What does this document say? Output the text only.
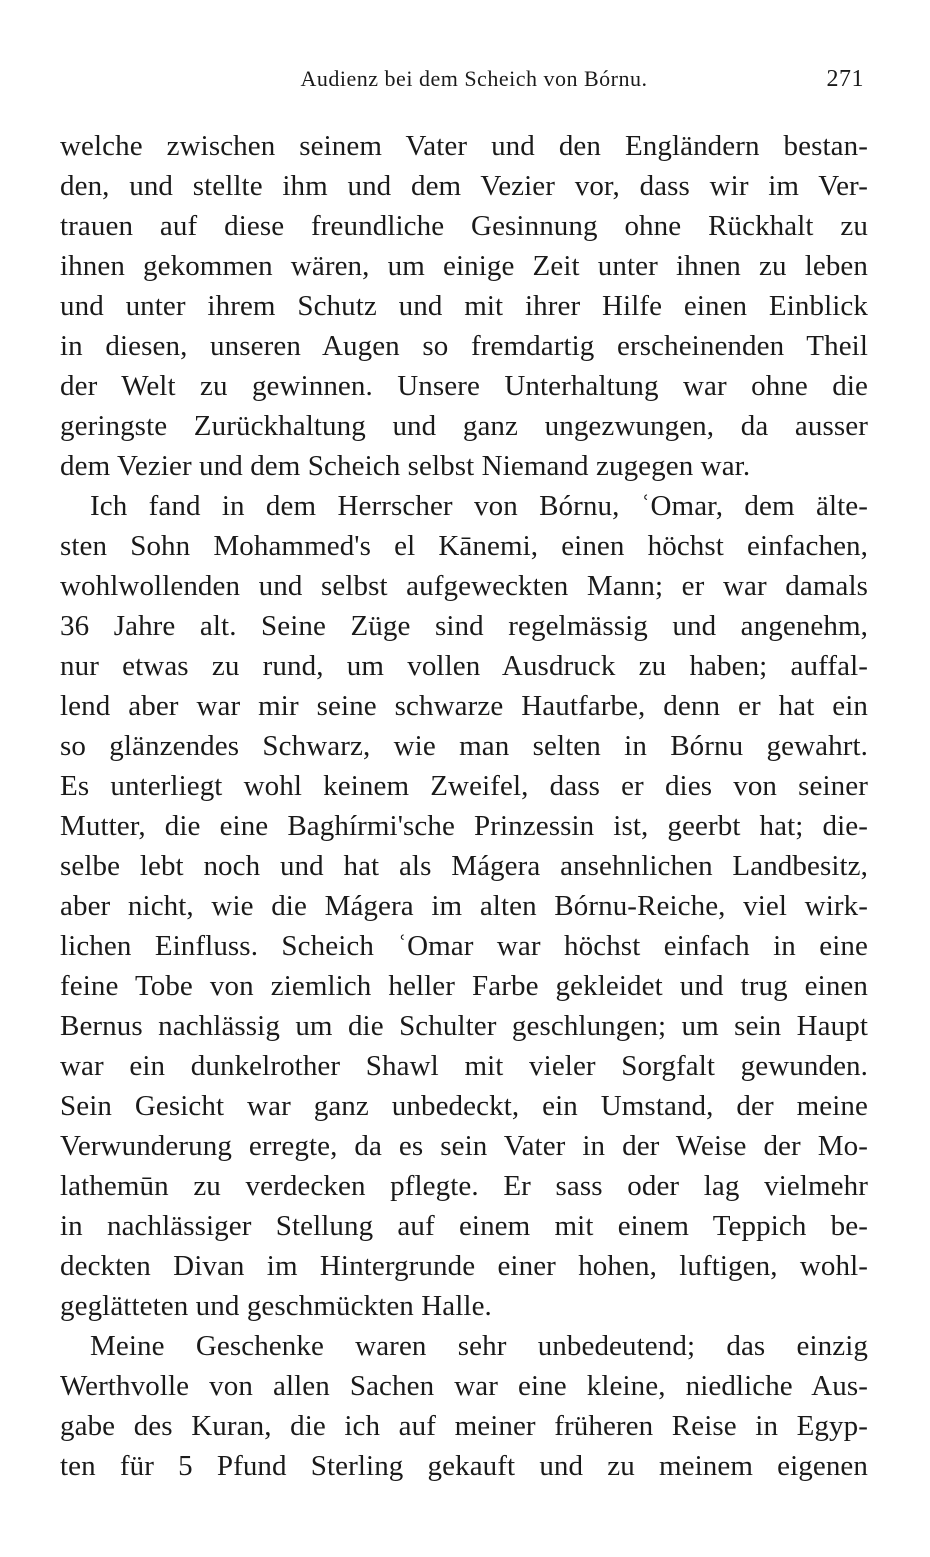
Audienz bei dem Scheich von Bórnu.	271
welche zwischen seinem Vater und den Engländern bestan-
den, und stellte ihm und dem Vezier vor, dass wir im Ver-
trauen auf diese freundliche Gesinnung ohne Rückhalt zu
ihnen gekommen wären, um einige Zeit unter ihnen zu leben
und unter ihrem Schutz und mit ihrer Hilfe einen Einblick
in diesen, unseren Augen so fremdartig erscheinenden Theil
der Welt zu gewinnen. Unsere Unterhaltung war ohne die
geringste Zurückhaltung und ganz ungezwungen, da ausser
dem Vezier und dem Scheich selbst Niemand zugegen war.
Ich fand in dem Herrscher von Bórnu, ʿOmar, dem älte-
sten Sohn Mohammed's el Kānemi, einen höchst einfachen,
wohlwollenden und selbst aufgeweckten Mann; er war damals
36 Jahre alt. Seine Züge sind regelmässig und angenehm,
nur etwas zu rund, um vollen Ausdruck zu haben; auffal-
lend aber war mir seine schwarze Hautfarbe, denn er hat ein
so glänzendes Schwarz, wie man selten in Bórnu gewahrt.
Es unterliegt wohl keinem Zweifel, dass er dies von seiner
Mutter, die eine Baghírmi'sche Prinzessin ist, geerbt hat; die-
selbe lebt noch und hat als Mágera ansehnlichen Landbesitz,
aber nicht, wie die Mágera im alten Bórnu-Reiche, viel wirk-
lichen Einfluss. Scheich ʿOmar war höchst einfach in eine
feine Tobe von ziemlich heller Farbe gekleidet und trug einen
Bernus nachlässig um die Schulter geschlungen; um sein Haupt
war ein dunkelrother Shawl mit vieler Sorgfalt gewunden.
Sein Gesicht war ganz unbedeckt, ein Umstand, der meine
Verwunderung erregte, da es sein Vater in der Weise der Mo-
lathemūn zu verdecken pflegte. Er sass oder lag vielmehr
in nachlässiger Stellung auf einem mit einem Teppich be-
deckten Divan im Hintergrunde einer hohen, luftigen, wohl-
geglätteten und geschmückten Halle.
Meine Geschenke waren sehr unbedeutend; das einzig
Werthvolle von allen Sachen war eine kleine, niedliche Aus-
gabe des Kuran, die ich auf meiner früheren Reise in Egyp-
ten für 5 Pfund Sterling gekauft und zu meinem eigenen
